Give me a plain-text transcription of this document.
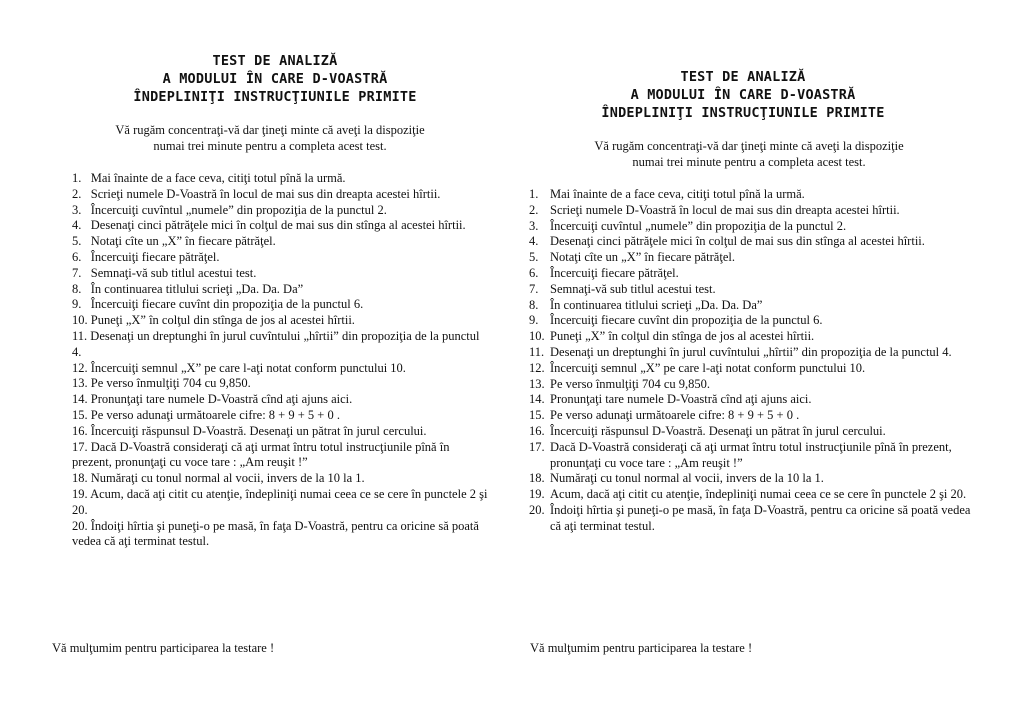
TEST DE ANALIZĂ
A MODULUI ÎN CARE D-VOASTRĂ
ÎNDEPLINIŢI INSTRUCŢIUNILE PRIMITE
Vă rugăm concentraţi-vă dar ţineţi minte că aveţi la dispoziţie
numai trei minute pentru a completa acest test.
1. Mai înainte de a face ceva, citiţi totul pînă la urmă.
2. Scrieţi numele D-Voastră în locul de mai sus din dreapta acestei hîrtii.
3. Încercuiţi cuvîntul „numele” din propoziţia de la punctul 2.
4. Desenaţi cinci pătrăţele mici în colţul de mai sus din stînga al acestei hîrtii.
5. Notaţi cîte un „X” în fiecare pătrăţel.
6. Încercuiţi fiecare pătrăţel.
7. Semnaţi-vă sub titlul acestui test.
8. În continuarea titlului scrieţi „Da. Da. Da”
9. Încercuiţi fiecare cuvînt din propoziţia de la punctul 6.
10. Puneţi „X” în colţul din stînga de jos al acestei hîrtii.
11. Desenaţi un dreptunghi în jurul cuvîntului „hîrtii” din propoziţia de la punctul 4.
12. Încercuiţi semnul „X” pe care l-aţi notat conform punctului 10.
13. Pe verso înmulţiţi 704 cu 9,850.
14. Pronunţaţi tare numele D-Voastră cînd aţi ajuns aici.
15. Pe verso adunaţi următoarele cifre: 8 + 9 + 5 + 0 .
16. Încercuiţi răspunsul D-Voastră. Desenaţi un pătrat în jurul cercului.
17. Dacă D-Voastră consideraţi că aţi urmat întru totul instrucţiunile pînă în prezent, pronunţaţi cu voce tare : „Am reuşit !”
18. Număraţi cu tonul normal al vocii, invers de la 10 la 1.
19. Acum, dacă aţi citit cu atenţie, îndepliniţi numai ceea ce se cere în punctele 2 şi 20.
20. Îndoiţi hîrtia şi puneţi-o pe masă, în faţa D-Voastră, pentru ca oricine să poată vedea că aţi terminat testul.
Vă mulţumim pentru participarea la testare !
TEST DE ANALIZĂ
A MODULUI ÎN CARE D-VOASTRĂ
ÎNDEPLINIŢI INSTRUCŢIUNILE PRIMITE
Vă rugăm concentraţi-vă dar ţineţi minte că aveţi la dispoziţie
numai trei minute pentru a completa acest test.
1. Mai înainte de a face ceva, citiţi totul pînă la urmă.
2. Scrieţi numele D-Voastră în locul de mai sus din dreapta acestei hîrtii.
3. Încercuiţi cuvîntul „numele” din propoziţia de la punctul 2.
4. Desenaţi cinci pătrăţele mici în colţul de mai sus din stînga al acestei hîrtii.
5. Notaţi cîte un „X” în fiecare pătrăţel.
6. Încercuiţi fiecare pătrăţel.
7. Semnaţi-vă sub titlul acestui test.
8. În continuarea titlului scrieţi „Da. Da. Da”
9. Încercuiţi fiecare cuvînt din propoziţia de la punctul 6.
10. Puneţi „X” în colţul din stînga de jos al acestei hîrtii.
11. Desenaţi un dreptunghi în jurul cuvîntului „hîrtii” din propoziţia de la punctul 4.
12. Încercuiţi semnul „X” pe care l-aţi notat conform punctului 10.
13. Pe verso înmulţiţi 704 cu 9,850.
14. Pronunţaţi tare numele D-Voastră cînd aţi ajuns aici.
15. Pe verso adunaţi următoarele cifre: 8 + 9 + 5 + 0 .
16. Încercuiţi răspunsul D-Voastră. Desenaţi un pătrat în jurul cercului.
17. Dacă D-Voastră consideraţi că aţi urmat întru totul instrucţiunile pînă în prezent, pronunţaţi cu voce tare : „Am reuşit !”
18. Număraţi cu tonul normal al vocii, invers de la 10 la 1.
19. Acum, dacă aţi citit cu atenţie, îndepliniţi numai ceea ce se cere în punctele 2 şi 20.
20. Îndoiţi hîrtia şi puneţi-o pe masă, în faţa D-Voastră, pentru ca oricine să poată vedea că aţi terminat testul.
Vă mulţumim pentru participarea la testare !
